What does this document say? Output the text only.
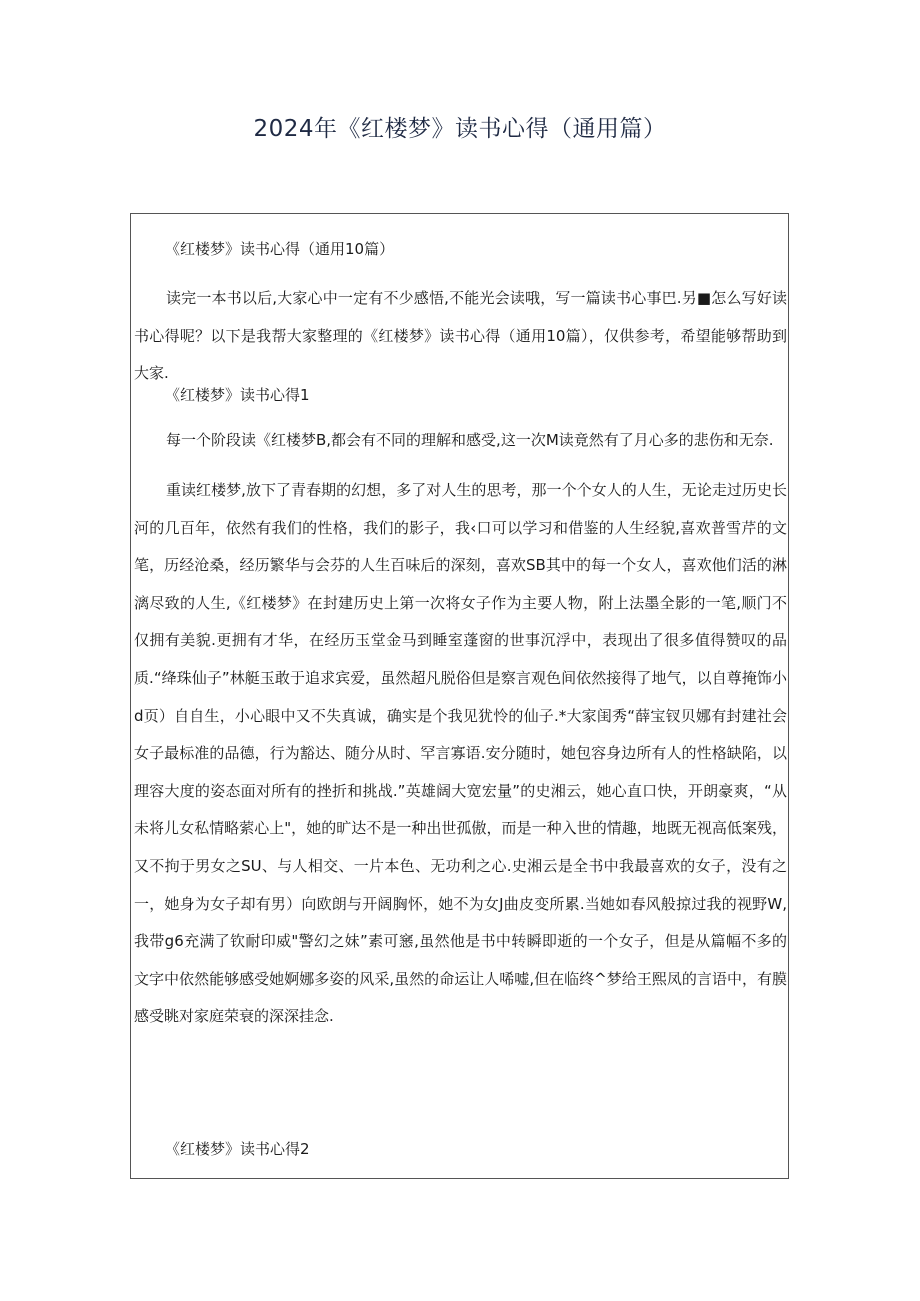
2024年《红楼梦》读书心得（通用篇）

《红楼梦》读书心得（通用10篇）

读完一本书以后,大家心中一定有不少感悟,不能光会读哦，写一篇读书心事巴.另■怎么写好读书心得呢？以下是我帮大家整理的《红楼梦》读书心得（通用10篇），仅供参考，希望能够帮助到大家.

《红楼梦》读书心得1

每一个阶段读《红楼梦B,都会有不同的理解和感受,这一次M读竟然有了月心多的悲伤和无奈.

重读红楼梦,放下了青春期的幻想，多了对人生的思考，那一个个女人的人生，无论走过历史长河的几百年，依然有我们的性格，我们的影子，我‹口可以学习和借鉴的人生经貌,喜欢普雪芹的文笔，历经沧桑，经历繁华与会芬的人生百味后的深刻，喜欢SB其中的每一个女人，喜欢他们活的淋漓尽致的人生,《红楼梦》在封建历史上第一次将女子作为主要人物，附上法墨全影的一笔,顺门不仅拥有美貌.更拥有才华，在经历玉堂金马到睡室蓬窗的世事沉浮中，表现出了很多值得赞叹的品质.“绛珠仙子”林艇玉敢于追求宾爱，虽然超凡脱俗但是察言观色间依然接得了地气，以自尊掩饰小d页）自自生，小心眼中又不失真诚，确实是个我见犹怜的仙子.*大家闺秀“薛宝钗贝娜有封建社会女子最标准的品德，行为豁达、随分从时、罕言寡语.安分随时，她包容身边所有人的性格缺陷，以理容大度的姿态面对所有的挫折和挑战.”英雄阔大宽宏量”的史湘云，她心直口快，开朗豪爽，“从未将儿女私情略萦心上"，她的旷达不是一种出世孤傲，而是一种入世的情趣，地既无视高低案残，又不拘于男女之SU、与人相交、一片本色、无功利之心.史湘云是全书中我最喜欢的女子，没有之一，她身为女子却有男）向欧朗与开阔胸怀，她不为女J曲皮变所累.当她如春风般掠过我的视野W,我带g6充满了钦耐印威"警幻之妹”素可窸,虽然他是书中转瞬即逝的一个女子，但是从篇幅不多的文字中依然能够感受她婀娜多姿的风采,虽然的命运让人唏嘘,但在临终^梦给王熙凤的言语中，有膜感受眺对家庭荣衰的深深挂念.

《红楼梦》读书心得2
